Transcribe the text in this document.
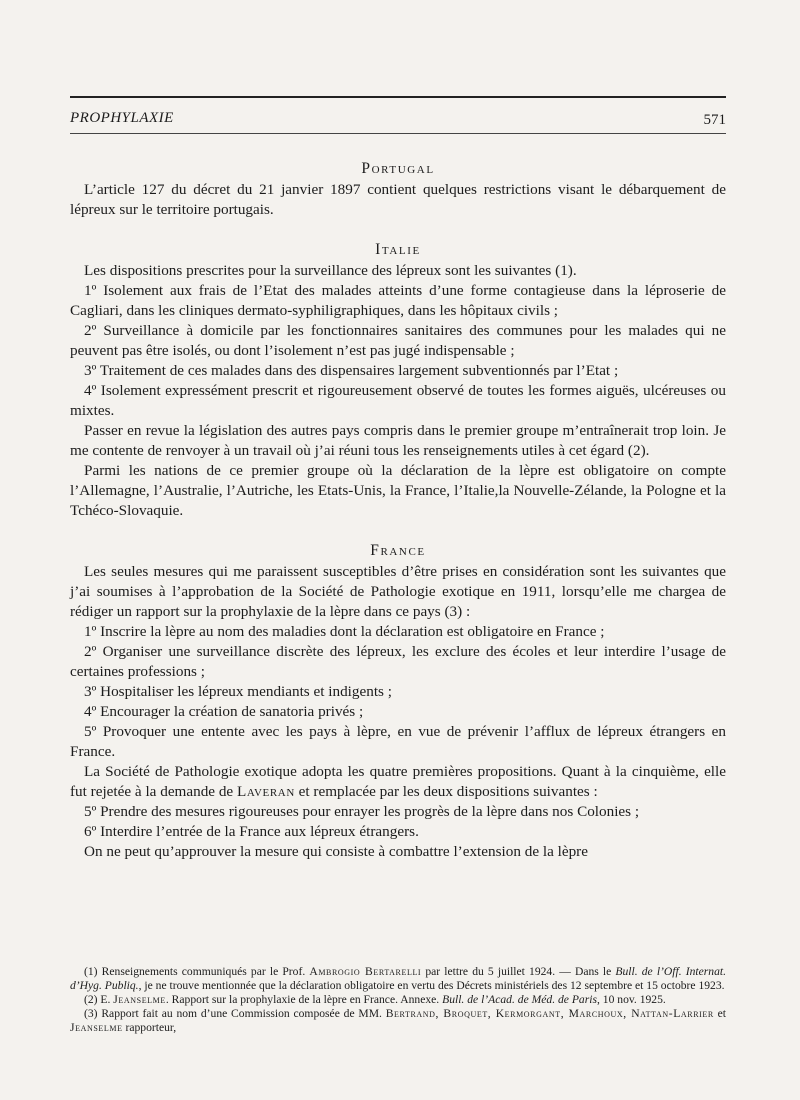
PROPHYLAXIE	571
Portugal

L’article 127 du décret du 21 janvier 1897 contient quelques restrictions visant le débarquement de lépreux sur le territoire portugais.

Italie

Les dispositions prescrites pour la surveillance des lépreux sont les suivantes (1).

1º Isolement aux frais de l’Etat des malades atteints d’une forme contagieuse dans la léproserie de Cagliari, dans les cliniques dermato-syphiligraphiques, dans les hôpitaux civils ;

2º Surveillance à domicile par les fonctionnaires sanitaires des communes pour les malades qui ne peuvent pas être isolés, ou dont l’isolement n’est pas jugé indispensable ;

3º Traitement de ces malades dans des dispensaires largement subventionnés par l’Etat ;

4º Isolement expressément prescrit et rigoureusement observé de toutes les formes aiguës, ulcéreuses ou mixtes.

Passer en revue la législation des autres pays compris dans le premier groupe m’entraînerait trop loin. Je me contente de renvoyer à un travail où j’ai réuni tous les renseignements utiles à cet égard (2).

Parmi les nations de ce premier groupe où la déclaration de la lèpre est obligatoire on compte l’Allemagne, l’Australie, l’Autriche, les Etats-Unis, la France, l’Italie,la Nouvelle-Zélande, la Pologne et la Tchéco-Slovaquie.

France

Les seules mesures qui me paraissent susceptibles d’être prises en considération sont les suivantes que j’ai soumises à l’approbation de la Société de Pathologie exotique en 1911, lorsqu’elle me chargea de rédiger un rapport sur la prophylaxie de la lèpre dans ce pays (3) :

1º Inscrire la lèpre au nom des maladies dont la déclaration est obligatoire en France ;

2º Organiser une surveillance discrète des lépreux, les exclure des écoles et leur interdire l’usage de certaines professions ;

3º Hospitaliser les lépreux mendiants et indigents ;

4º Encourager la création de sanatoria privés ;

5º Provoquer une entente avec les pays à lèpre, en vue de prévenir l’afflux de lépreux étrangers en France.

La Société de Pathologie exotique adopta les quatre premières propositions. Quant à la cinquième, elle fut rejetée à la demande de Laveran et remplacée par les deux dispositions suivantes :

5º Prendre des mesures rigoureuses pour enrayer les progrès de la lèpre dans nos Colonies ;

6º Interdire l’entrée de la France aux lépreux étrangers.

On ne peut qu’approuver la mesure qui consiste à combattre l’extension de la lèpre

(1) Renseignements communiqués par le Prof. Ambrogio Bertarelli par lettre du 5 juillet 1924. — Dans le Bull. de l’Off. Internat. d’Hyg. Publiq., je ne trouve mentionnée que la déclaration obligatoire en vertu des Décrets ministériels des 12 septembre et 15 octobre 1923.

(2) E. Jeanselme. Rapport sur la prophylaxie de la lèpre en France. Annexe. Bull. de l’Acad. de Méd. de Paris, 10 nov. 1925.

(3) Rapport fait au nom d’une Commission composée de MM. Bertrand, Broquet, Kermorgant, Marchoux, Nattan-Larrier et Jeanselme rapporteur,
